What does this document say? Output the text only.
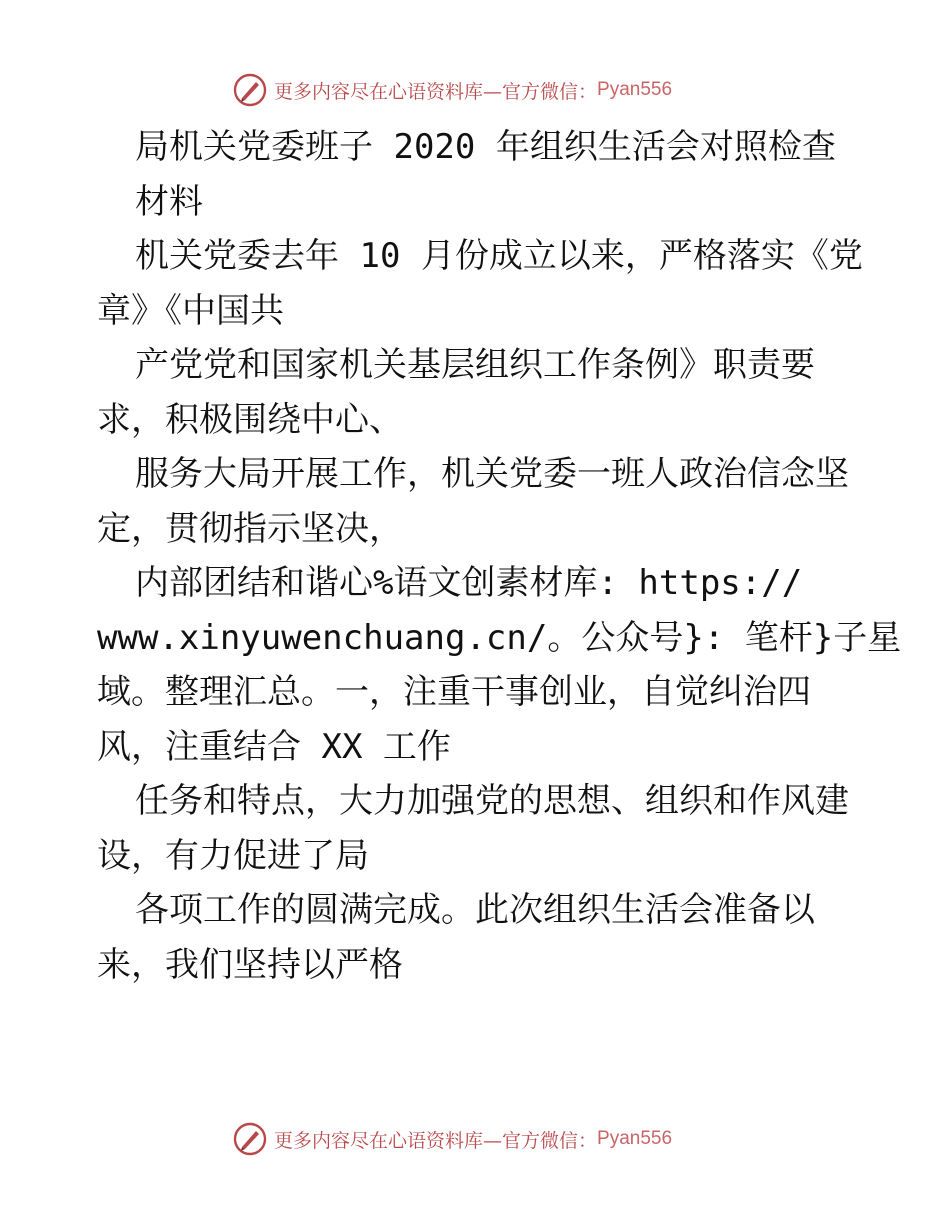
更多内容尽在心语资料库—官方微信： Pyan556
局机关党委班子 2020 年组织生活会对照检查
材料
机关党委去年 10 月份成立以来，严格落实《党
章》《中国共
产党党和国家机关基层组织工作条例》职责要
求，积极围绕中心、
服务大局开展工作，机关党委一班人政治信念坚
定，贯彻指示坚决，
内部团结和谐心%语文创素材库: https://
www.xinyuwenchuang.cn/。公众号}: 笔杆}子星
域。整理汇总。一，注重干事创业，自觉纠治四
风，注重结合 XX 工作
任务和特点，大力加强党的思想、组织和作风建
设，有力促进了局
各项工作的圆满完成。此次组织生活会准备以
来，我们坚持以严格
更多内容尽在心语资料库—官方微信： Pyan556
